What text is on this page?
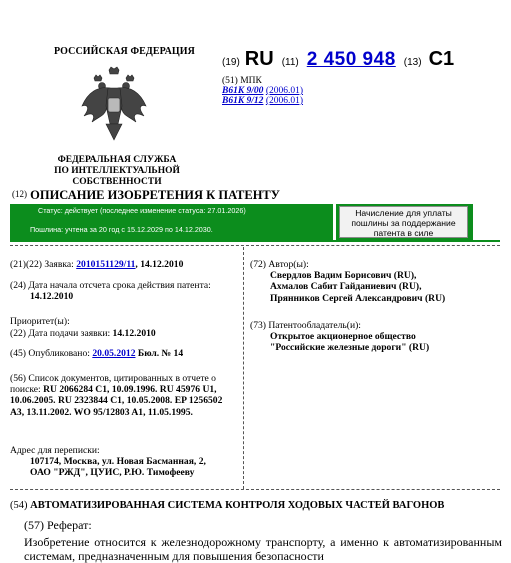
РОССИЙСКАЯ ФЕДЕРАЦИЯ
ФЕДЕРАЛЬНАЯ СЛУЖБА
ПО ИНТЕЛЛЕКТУАЛЬНОЙ СОБСТВЕННОСТИ
(19) RU (11) 2 450 948 (13) C1
(51) МПК
B61K 9/00 (2006.01)
B61K 9/12 (2006.01)
(12) ОПИСАНИЕ ИЗОБРЕТЕНИЯ К ПАТЕНТУ
Статус: действует (последнее изменение статуса: 27.01.2026)
Пошлина: учтена за 20 год с 15.12.2029 по 14.12.2030.
Начисление для уплаты пошлины за поддержание патента в силе
(21)(22) Заявка: 2010151129/11, 14.12.2010
(24) Дата начала отсчета срока действия патента:
14.12.2010
Приоритет(ы):
(22) Дата подачи заявки: 14.12.2010
(45) Опубликовано: 20.05.2012 Бюл. № 14
(56) Список документов, цитированных в отчете о поиске: RU 2066284 C1, 10.09.1996. RU 45976 U1, 10.06.2005. RU 2323844 C1, 10.05.2008. EP 1256502 A3, 13.11.2002. WO 95/12803 A1, 11.05.1995.
Адрес для переписки:
107174, Москва, ул. Новая Басманная, 2,
ОАО "РЖД", ЦУИС, Р.Ю. Тимофееву
(72) Автор(ы):
Свердлов Вадим Борисович (RU),
Ахмалов Сабит Гайданиевич (RU),
Прянников Сергей Александрович (RU)
(73) Патентообладатель(и):
Открытое акционерное общество
"Российские железные дороги" (RU)
(54) АВТОМАТИЗИРОВАННАЯ СИСТЕМА КОНТРОЛЯ ХОДОВЫХ ЧАСТЕЙ ВАГОНОВ
(57) Реферат:
Изобретение относится к железнодорожному транспорту, а именно к автоматизированным системам, предназначенным для повышения безопасности
